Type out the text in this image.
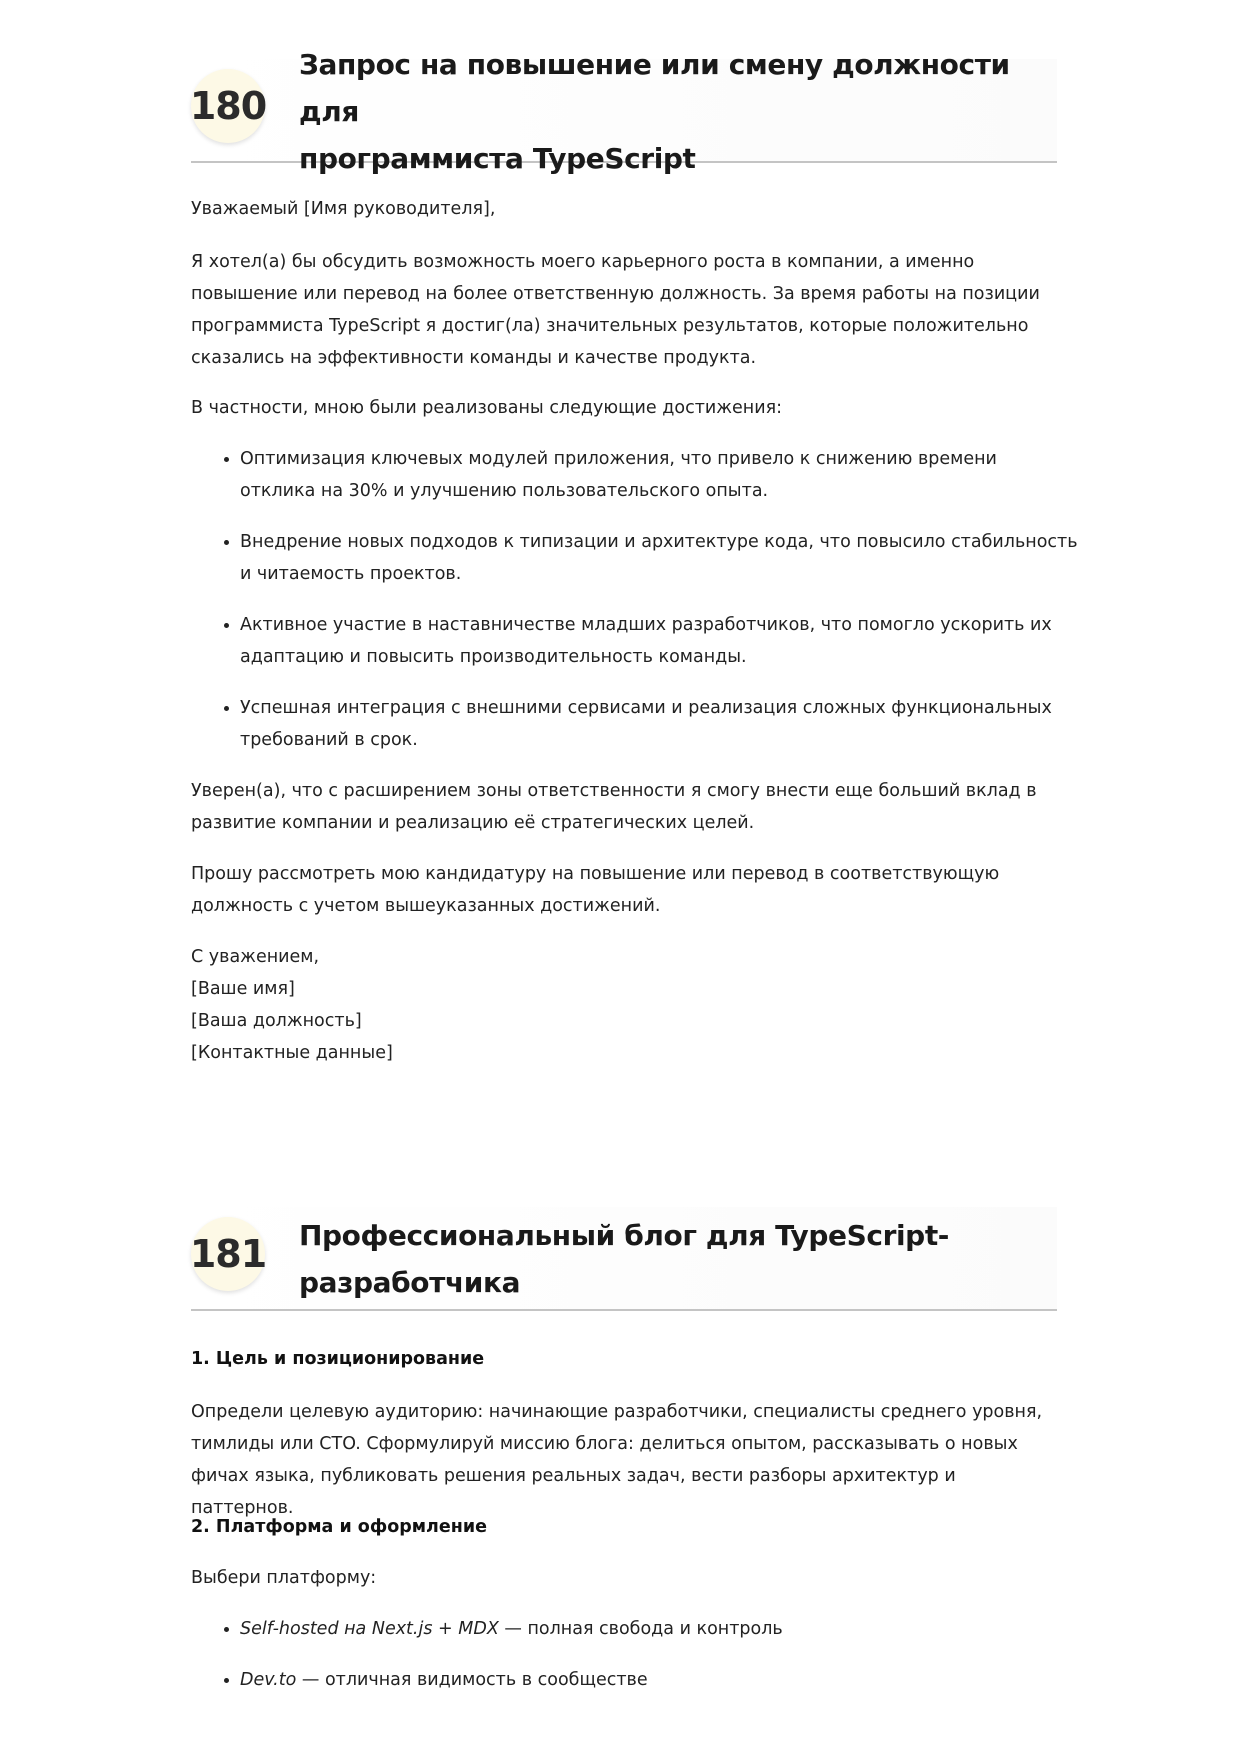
180
Запрос на повышение или смену должности для
программиста TypeScript

Уважаемый [Имя руководителя],

Я хотел(а) бы обсудить возможность моего карьерного роста в компании, а именно
повышение или перевод на более ответственную должность. За время работы на позиции
программиста TypeScript я достиг(ла) значительных результатов, которые положительно
сказались на эффективности команды и качестве продукта.

В частности, мною были реализованы следующие достижения:

• Оптимизация ключевых модулей приложения, что привело к снижению времени
отклика на 30% и улучшению пользовательского опыта.
• Внедрение новых подходов к типизации и архитектуре кода, что повысило стабильность
и читаемость проектов.
• Активное участие в наставничестве младших разработчиков, что помогло ускорить их
адаптацию и повысить производительность команды.
• Успешная интеграция с внешними сервисами и реализация сложных функциональных
требований в срок.

Уверен(а), что с расширением зоны ответственности я смогу внести еще больший вклад в
развитие компании и реализацию её стратегических целей.

Прошу рассмотреть мою кандидатуру на повышение или перевод в соответствующую
должность с учетом вышеуказанных достижений.

С уважением,
[Ваше имя]
[Ваша должность]
[Контактные данные]

181 Профессиональный блог для TypeScript-
разработчика

1. Цель и позиционирование

Определи целевую аудиторию: начинающие разработчики, специалисты среднего уровня,
тимлиды или CTO. Сформулируй миссию блога: делиться опытом, рассказывать о новых
фичах языка, публиковать решения реальных задач, вести разборы архитектур и паттернов.

2. Платформа и оформление

Выбери платформу:

• Self-hosted на Next.js + MDX — полная свобода и контроль
• Dev.to — отличная видимость в сообществе
